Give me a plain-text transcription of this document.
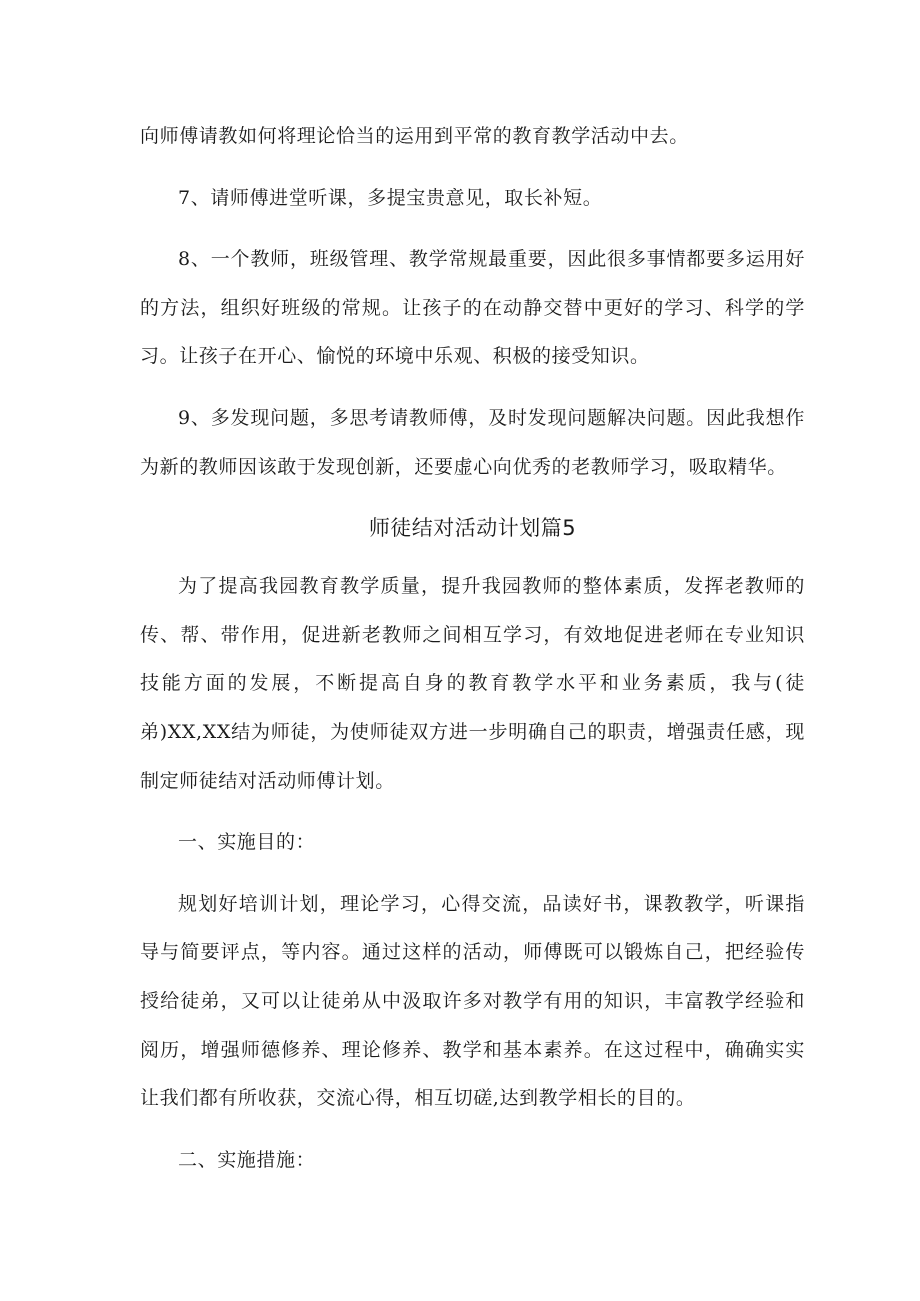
向师傅请教如何将理论恰当的运用到平常的教育教学活动中去。

7、请师傅进堂听课，多提宝贵意见，取长补短。

8、一个教师，班级管理、教学常规最重要，因此很多事情都要多运用好的方法，组织好班级的常规。让孩子的在动静交替中更好的学习、科学的学习。让孩子在开心、愉悦的环境中乐观、积极的接受知识。

9、多发现问题，多思考请教师傅，及时发现问题解决问题。因此我想作为新的教师因该敢于发现创新，还要虚心向优秀的老教师学习，吸取精华。

师徒结对活动计划篇5

为了提高我园教育教学质量，提升我园教师的整体素质，发挥老教师的传、帮、带作用，促进新老教师之间相互学习，有效地促进老师在专业知识技能方面的发展，不断提高自身的教育教学水平和业务素质，我与(徒弟)XX,XX结为师徒，为使师徒双方进一步明确自己的职责，增强责任感，现制定师徒结对活动师傅计划。

一、实施目的：

规划好培训计划，理论学习，心得交流，品读好书，课教教学，听课指导与简要评点，等内容。通过这样的活动，师傅既可以锻炼自己，把经验传授给徒弟，又可以让徒弟从中汲取许多对教学有用的知识，丰富教学经验和阅历，增强师德修养、理论修养、教学和基本素养。在这过程中，确确实实让我们都有所收获，交流心得，相互切磋,达到教学相长的目的。

二、实施措施：
